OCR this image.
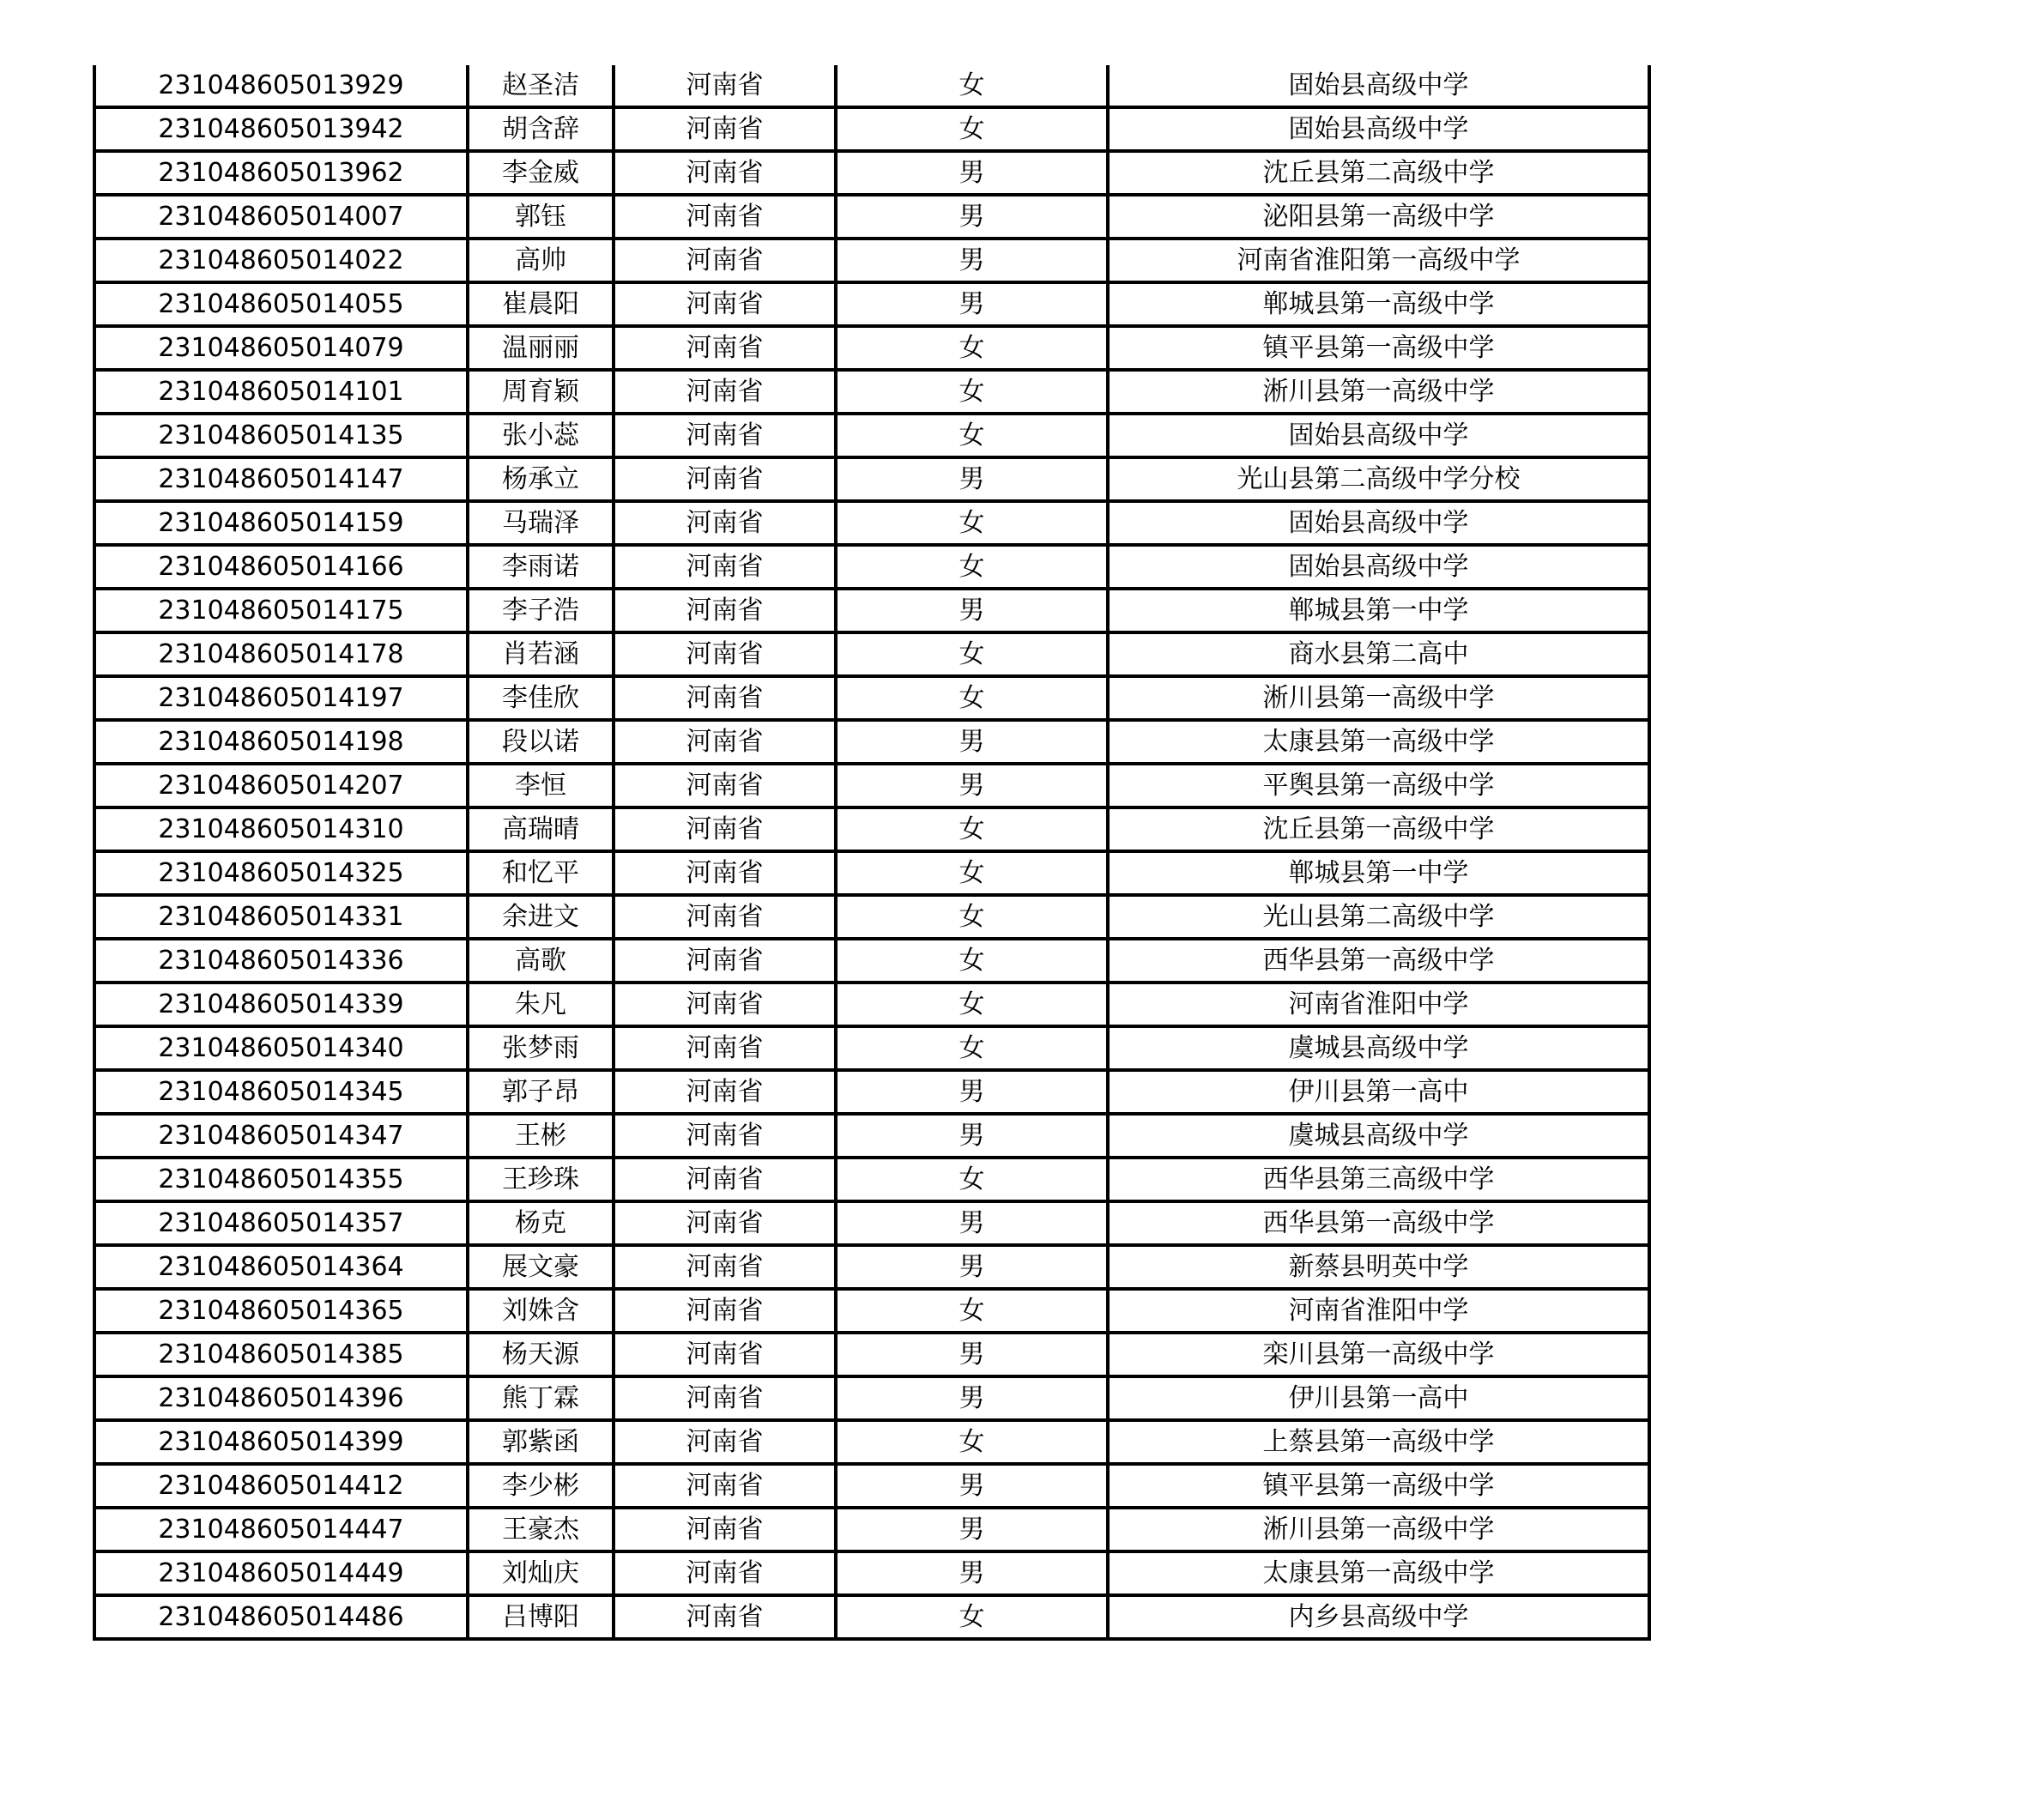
231048605013929	赵圣洁	河南省	女	固始县高级中学
231048605013942	胡含辞	河南省	女	固始县高级中学
231048605013962	李金威	河南省	男	沈丘县第二高级中学
231048605014007	郭钰	河南省	男	泌阳县第一高级中学
231048605014022	高帅	河南省	男	河南省淮阳第一高级中学
231048605014055	崔晨阳	河南省	男	郸城县第一高级中学
231048605014079	温丽丽	河南省	女	镇平县第一高级中学
231048605014101	周育颖	河南省	女	淅川县第一高级中学
231048605014135	张小蕊	河南省	女	固始县高级中学
231048605014147	杨承立	河南省	男	光山县第二高级中学分校
231048605014159	马瑞泽	河南省	女	固始县高级中学
231048605014166	李雨诺	河南省	女	固始县高级中学
231048605014175	李子浩	河南省	男	郸城县第一中学
231048605014178	肖若涵	河南省	女	商水县第二高中
231048605014197	李佳欣	河南省	女	淅川县第一高级中学
231048605014198	段以诺	河南省	男	太康县第一高级中学
231048605014207	李恒	河南省	男	平舆县第一高级中学
231048605014310	高瑞晴	河南省	女	沈丘县第一高级中学
231048605014325	和忆平	河南省	女	郸城县第一中学
231048605014331	余进文	河南省	女	光山县第二高级中学
231048605014336	高歌	河南省	女	西华县第一高级中学
231048605014339	朱凡	河南省	女	河南省淮阳中学
231048605014340	张梦雨	河南省	女	虞城县高级中学
231048605014345	郭子昂	河南省	男	伊川县第一高中
231048605014347	王彬	河南省	男	虞城县高级中学
231048605014355	王珍珠	河南省	女	西华县第三高级中学
231048605014357	杨克	河南省	男	西华县第一高级中学
231048605014364	展文豪	河南省	男	新蔡县明英中学
231048605014365	刘姝含	河南省	女	河南省淮阳中学
231048605014385	杨天源	河南省	男	栾川县第一高级中学
231048605014396	熊丁霖	河南省	男	伊川县第一高中
231048605014399	郭紫函	河南省	女	上蔡县第一高级中学
231048605014412	李少彬	河南省	男	镇平县第一高级中学
231048605014447	王豪杰	河南省	男	淅川县第一高级中学
231048605014449	刘灿庆	河南省	男	太康县第一高级中学
231048605014486	吕博阳	河南省	女	内乡县高级中学
